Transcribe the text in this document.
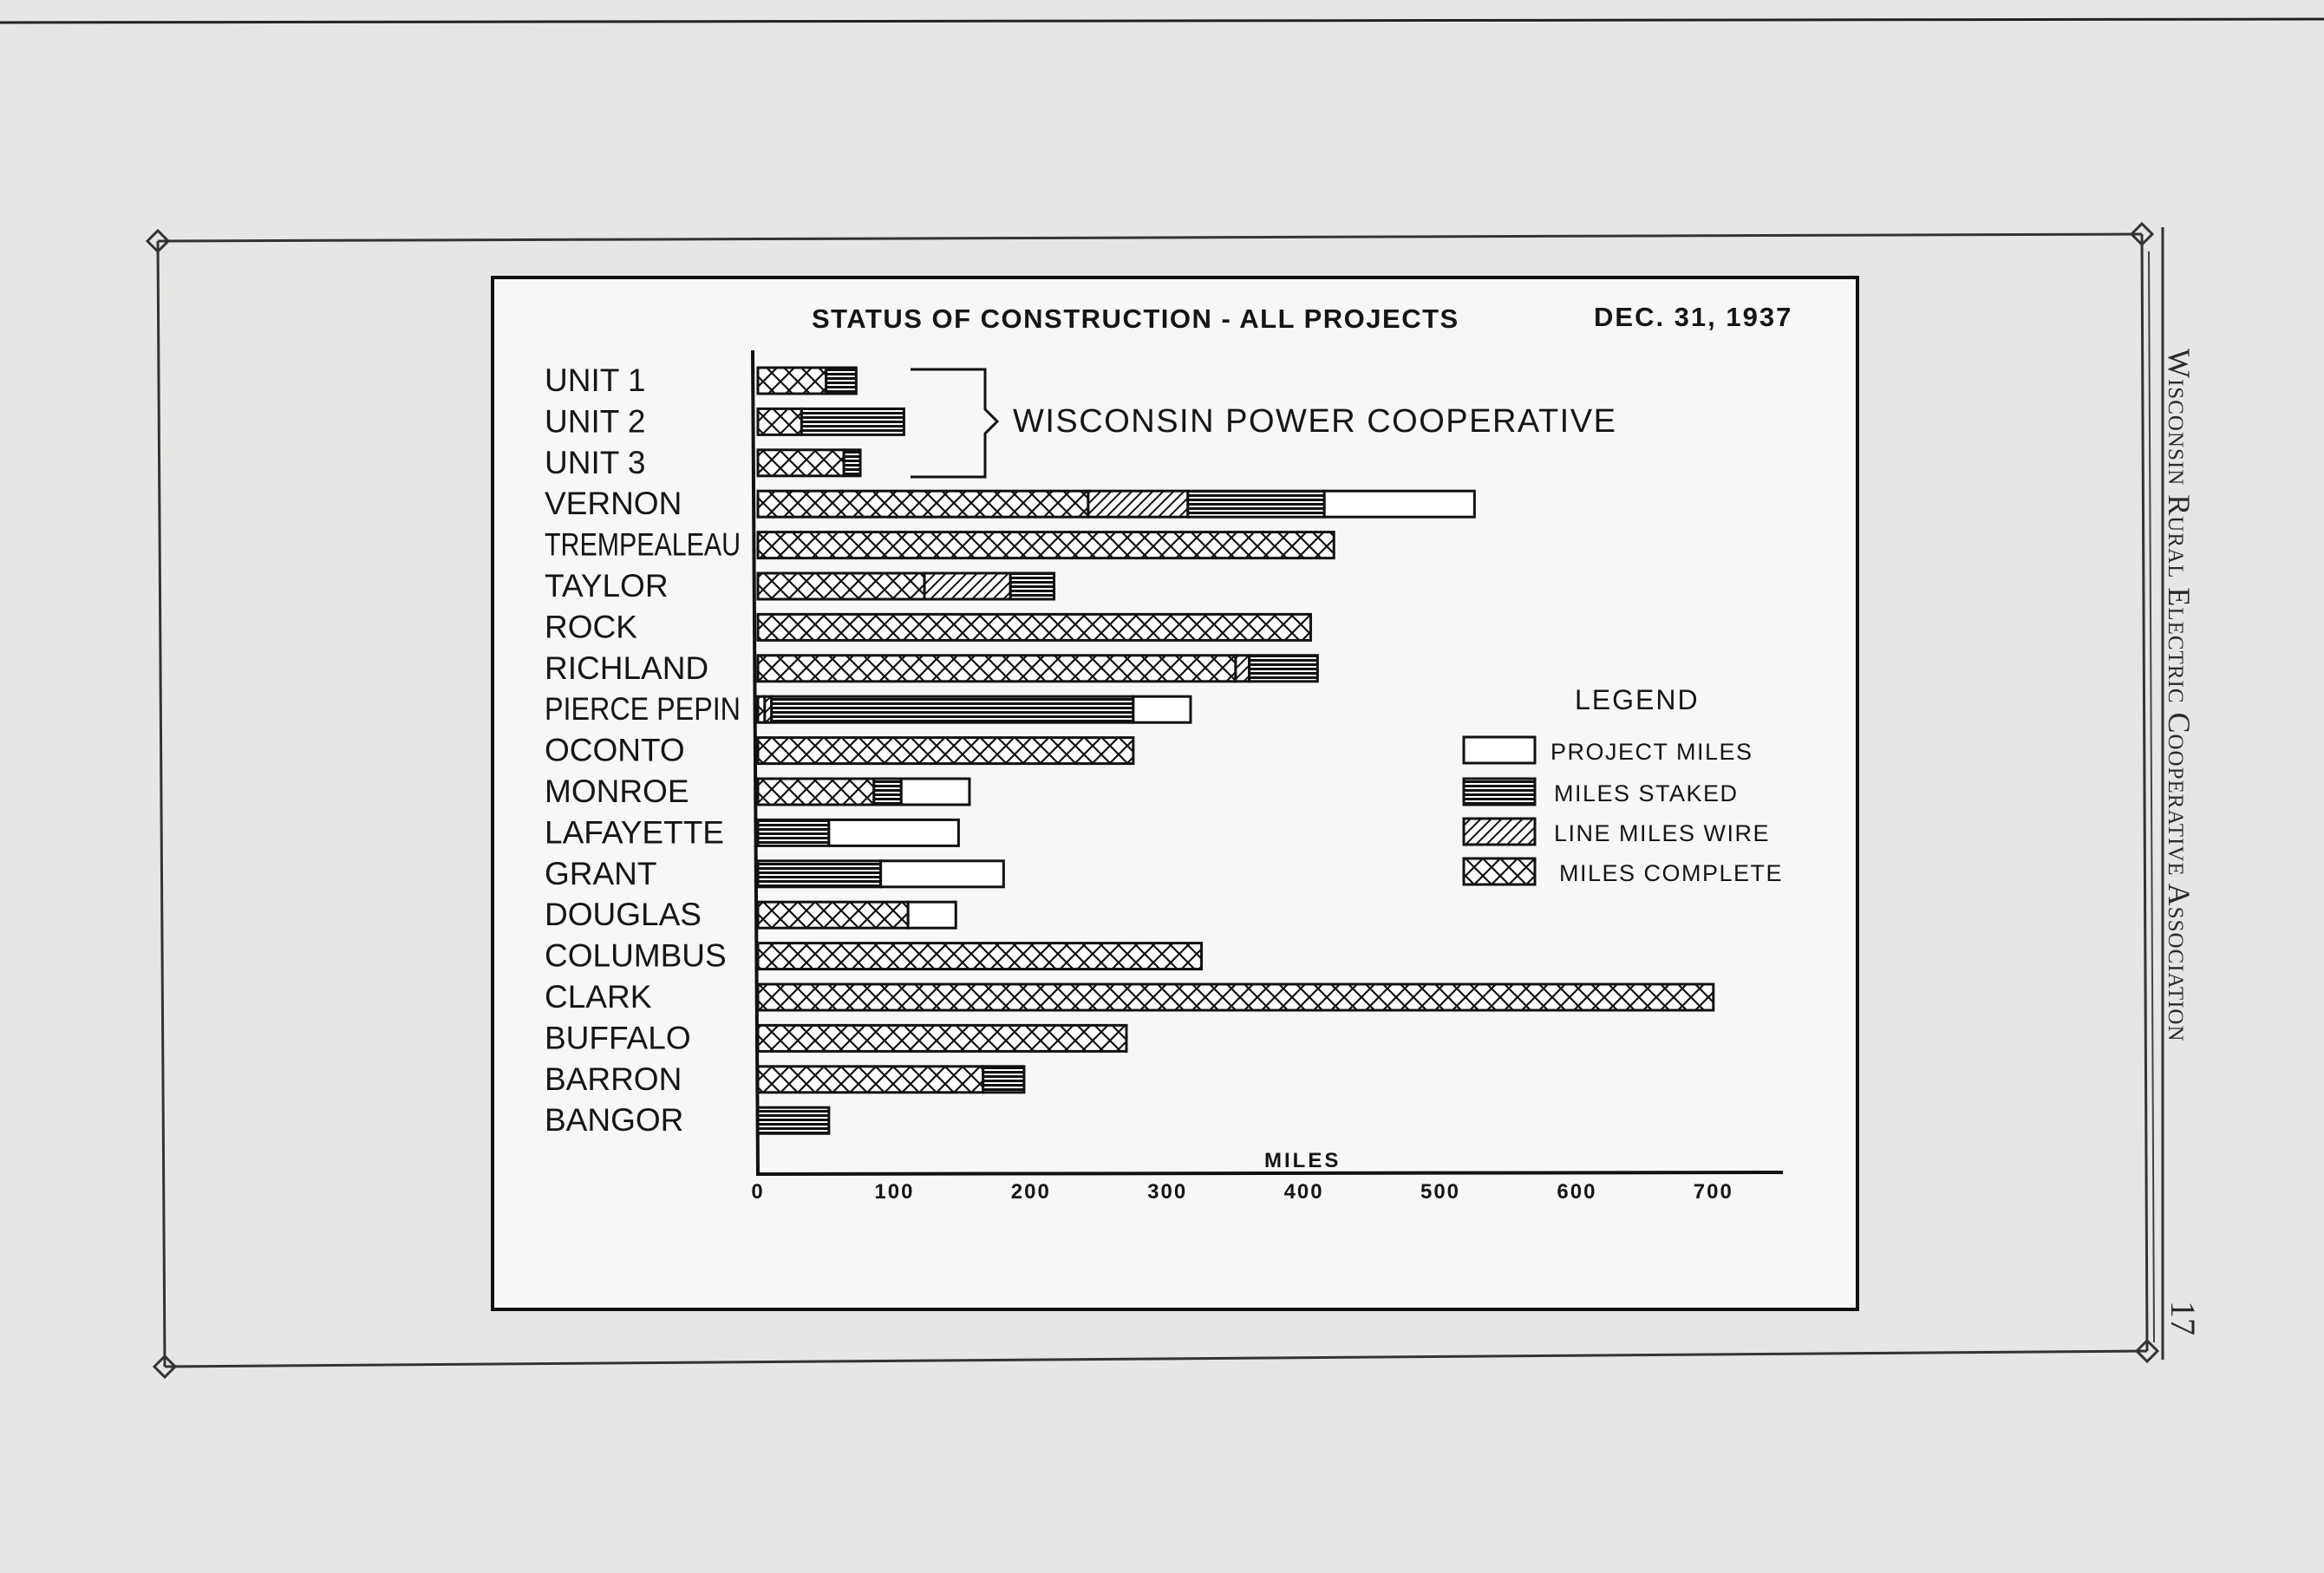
Wisconsin Rural Electric Cooperative Association
17
STATUS OF CONSTRUCTION - ALL PROJECTS	DEC. 31, 1937
0	100	200	300	400	500	600	700
MILES
UNIT 1
UNIT 2
UNIT 3
VERNON
TREMPEALEAU
TAYLOR
ROCK
RICHLAND
PIERCE PEPIN
OCONTO
MONROE
LAFAYETTE
GRANT
DOUGLAS
COLUMBUS
CLARK
BUFFALO
BARRON
BANGOR
WISCONSIN POWER COOPERATIVE
LEGEND
PROJECT MILES
MILES STAKED
LINE MILES WIRE
MILES COMPLETE
